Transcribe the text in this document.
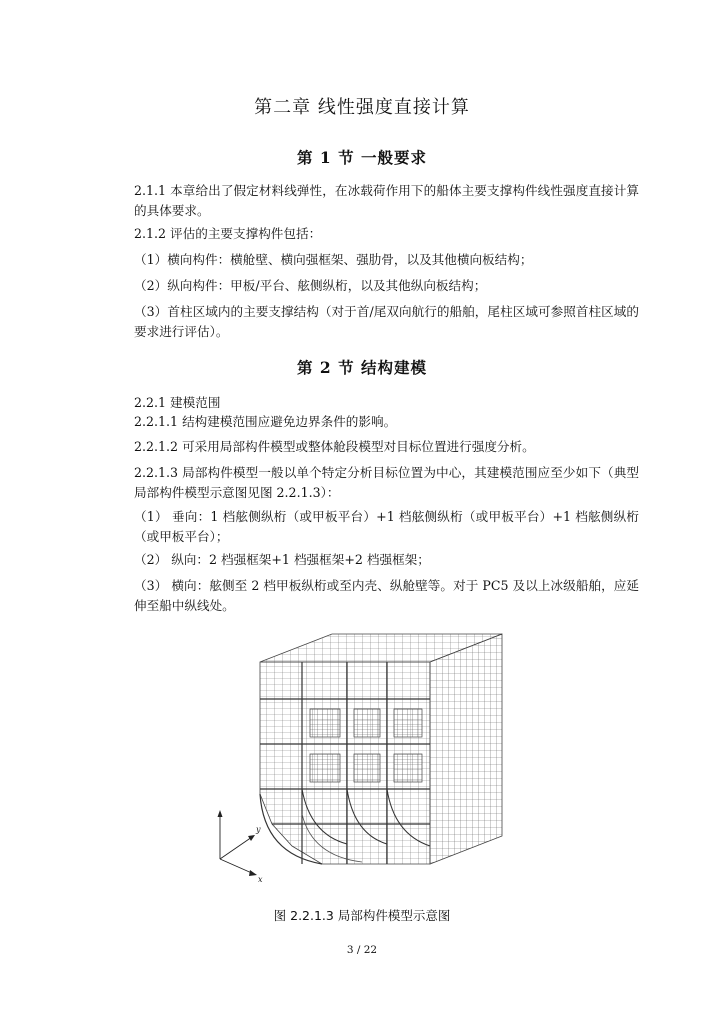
第二章 线性强度直接计算
第 1 节 一般要求
2.1.1 本章给出了假定材料线弹性，在冰载荷作用下的船体主要支撑构件线性强度直接计算的具体要求。
2.1.2 评估的主要支撑构件包括：
（1）横向构件：横舱壁、横向强框架、强肋骨，以及其他横向板结构；
（2）纵向构件：甲板/平台、舷侧纵桁，以及其他纵向板结构；
（3）首柱区域内的主要支撑结构（对于首/尾双向航行的船舶，尾柱区域可参照首柱区域的要求进行评估）。
第 2 节 结构建模
2.2.1 建模范围
2.2.1.1 结构建模范围应避免边界条件的影响。
2.2.1.2 可采用局部构件模型或整体舱段模型对目标位置进行强度分析。
2.2.1.3 局部构件模型一般以单个特定分析目标位置为中心，其建模范围应至少如下（典型局部构件模型示意图见图 2.2.1.3）：
（1） 垂向：1 档舷侧纵桁（或甲板平台）+1 档舷侧纵桁（或甲板平台）+1 档舷侧纵桁（或甲板平台）；
（2） 纵向：2 档强框架+1 档强框架+2 档强框架；
（3） 横向：舷侧至 2 档甲板纵桁或至内壳、纵舱壁等。对于 PC5 及以上冰级船舶，应延伸至船中纵线处。
y
x
图 2.2.1.3 局部构件模型示意图
3 / 22
